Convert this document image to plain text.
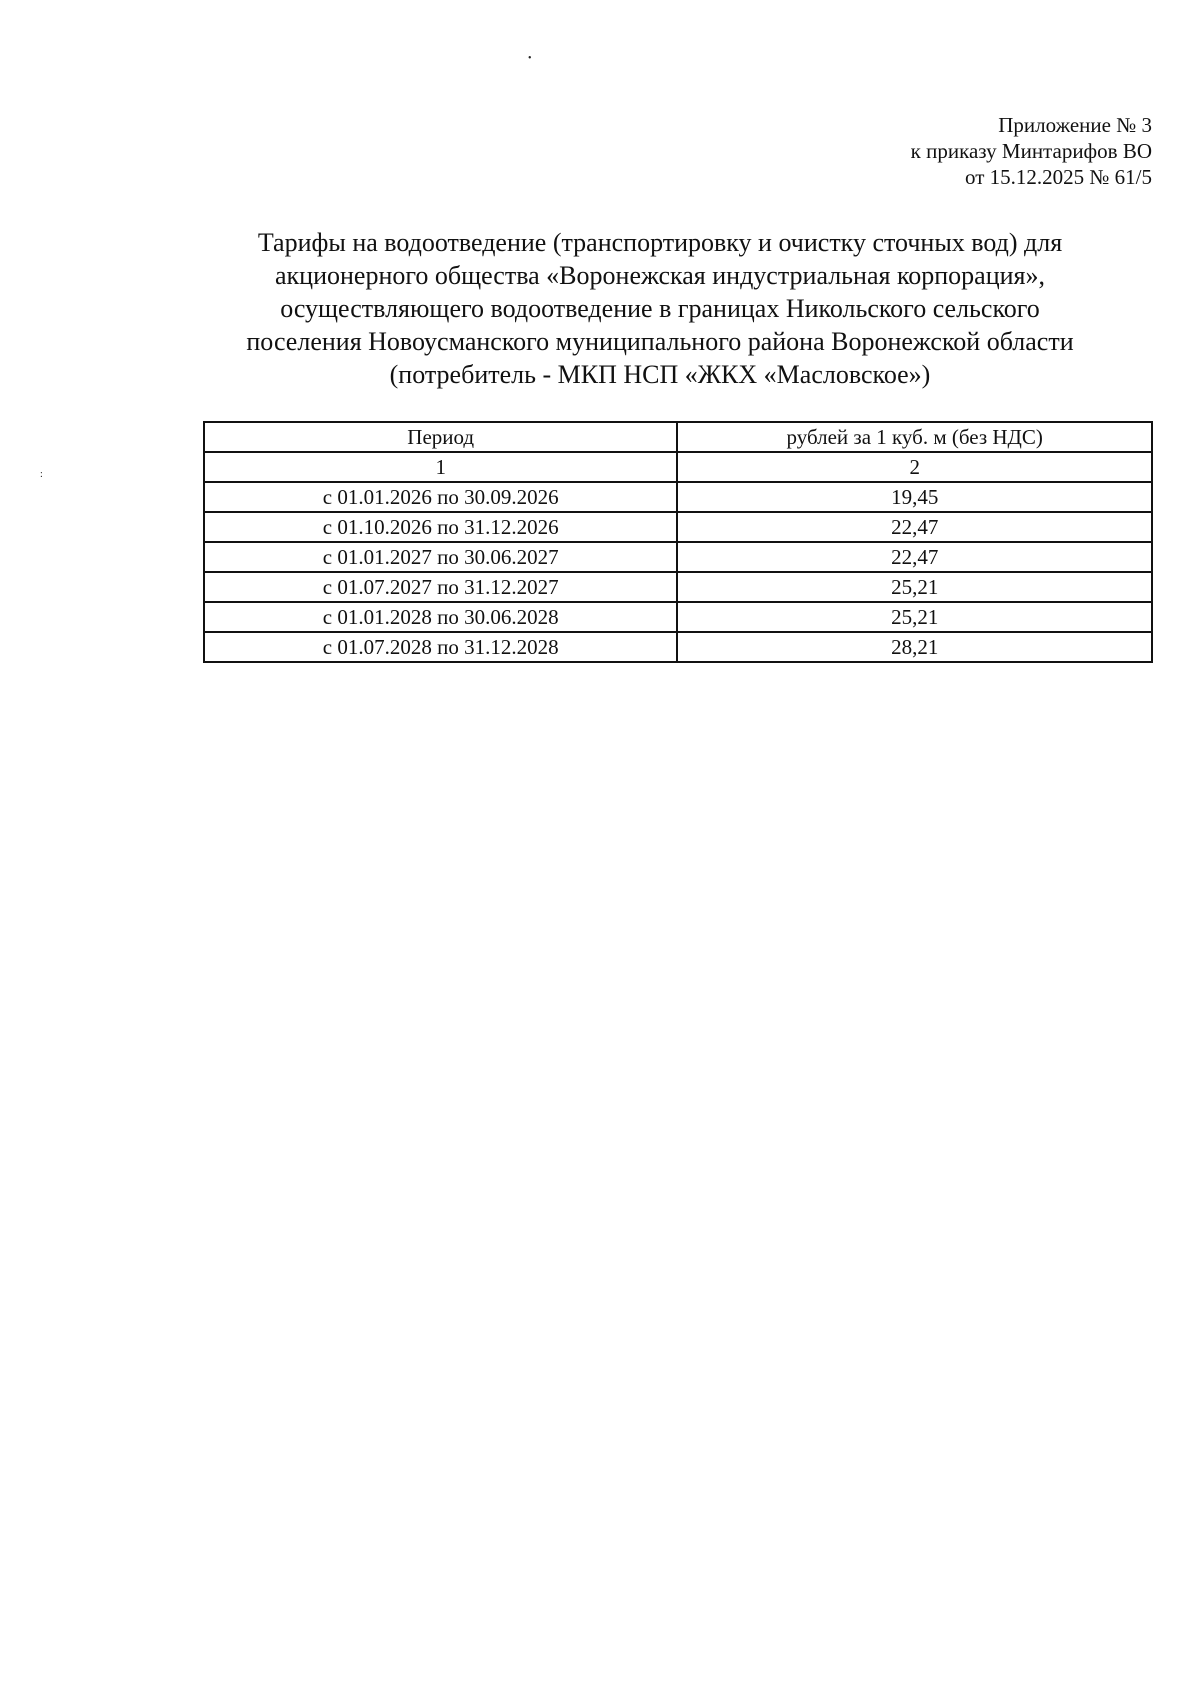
•
:
Приложение № 3
к приказу Минтарифов ВО
от 15.12.2025 № 61/5
Тарифы на водоотведение (транспортировку и очистку сточных вод) для
акционерного общества «Воронежская индустриальная корпорация»,
осуществляющего водоотведение в границах Никольского сельского
поселения Новоусманского муниципального района Воронежской области
(потребитель - МКП НСП «ЖКХ «Масловское»)
Период	рублей за 1 куб. м (без НДС)
1	2
с 01.01.2026 по 30.09.2026	19,45
с 01.10.2026 по 31.12.2026	22,47
с 01.01.2027 по 30.06.2027	22,47
с 01.07.2027 по 31.12.2027	25,21
с 01.01.2028 по 30.06.2028	25,21
с 01.07.2028 по 31.12.2028	28,21
